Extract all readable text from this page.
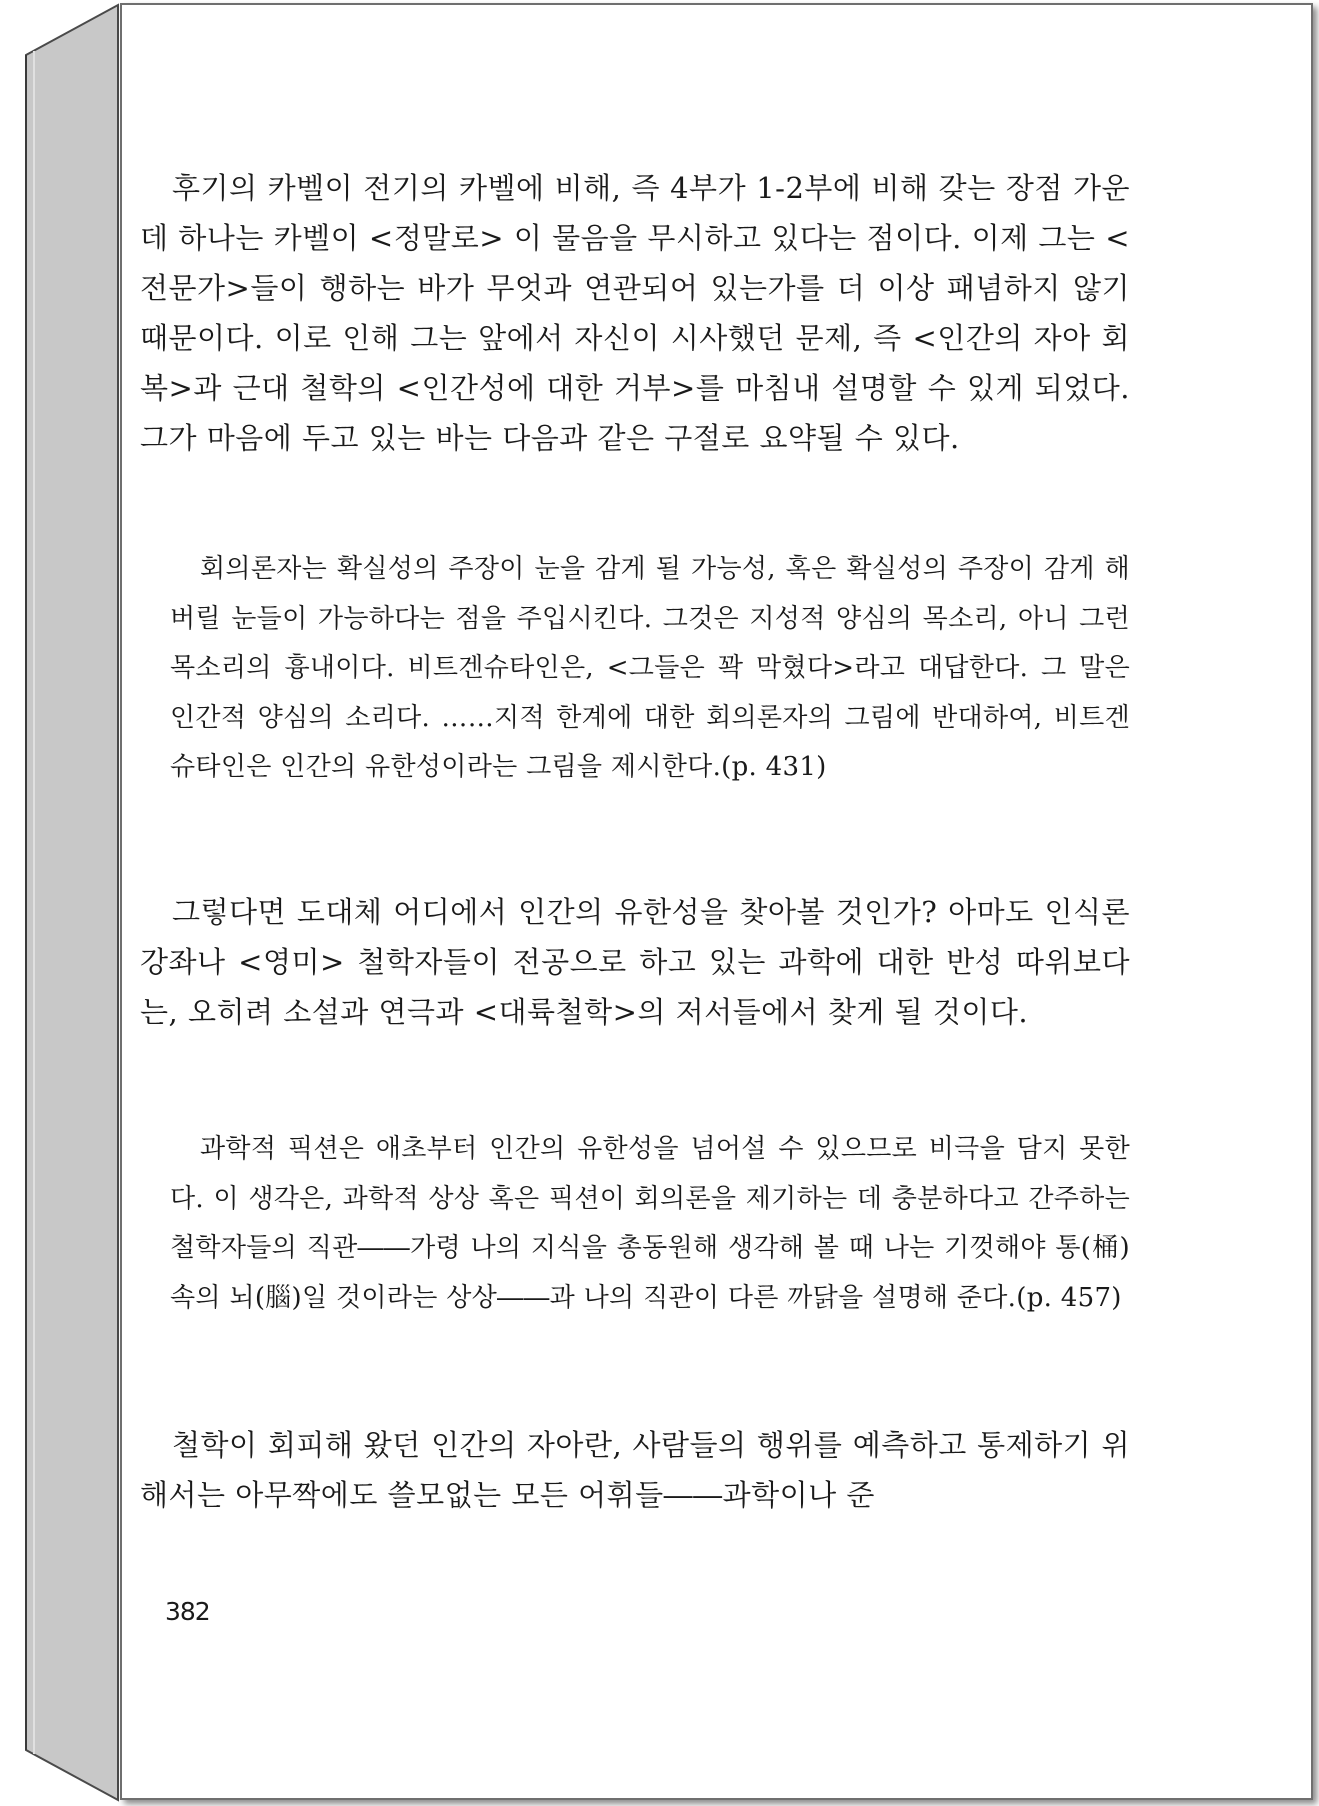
후기의 카벨이 전기의 카벨에 비해, 즉 4부가 1-2부에 비해 갖는 장점 가운데 하나는 카벨이 <정말로> 이 물음을 무시하고 있다는 점이다. 이제 그는 <전문가>들이 행하는 바가 무엇과 연관되어 있는가를 더 이상 패념하지 않기 때문이다. 이로 인해 그는 앞에서 자신이 시사했던 문제, 즉 <인간의 자아 회복>과 근대 철학의 <인간성에 대한 거부>를 마침내 설명할 수 있게 되었다. 그가 마음에 두고 있는 바는 다음과 같은 구절로 요약될 수 있다.

회의론자는 확실성의 주장이 눈을 감게 될 가능성, 혹은 확실성의 주장이 감게 해버릴 눈들이 가능하다는 점을 주입시킨다. 그것은 지성적 양심의 목소리, 아니 그런 목소리의 흉내이다. 비트겐슈타인은, <그들은 꽉 막혔다>라고 대답한다. 그 말은 인간적 양심의 소리다. ……지적 한계에 대한 회의론자의 그림에 반대하여, 비트겐슈타인은 인간의 유한성이라는 그림을 제시한다.(p. 431)

그렇다면 도대체 어디에서 인간의 유한성을 찾아볼 것인가? 아마도 인식론 강좌나 <영미> 철학자들이 전공으로 하고 있는 과학에 대한 반성 따위보다는, 오히려 소설과 연극과 <대륙철학>의 저서들에서 찾게 될 것이다.

과학적 픽션은 애초부터 인간의 유한성을 넘어설 수 있으므로 비극을 담지 못한다. 이 생각은, 과학적 상상 혹은 픽션이 회의론을 제기하는 데 충분하다고 간주하는 철학자들의 직관――가령 나의 지식을 총동원해 생각해 볼 때 나는 기껏해야 통(桶)속의 뇌(腦)일 것이라는 상상――과 나의 직관이 다른 까닭을 설명해 준다.(p. 457)

철학이 회피해 왔던 인간의 자아란, 사람들의 행위를 예측하고 통제하기 위해서는 아무짝에도 쓸모없는 모든 어휘들――과학이나 준

382
